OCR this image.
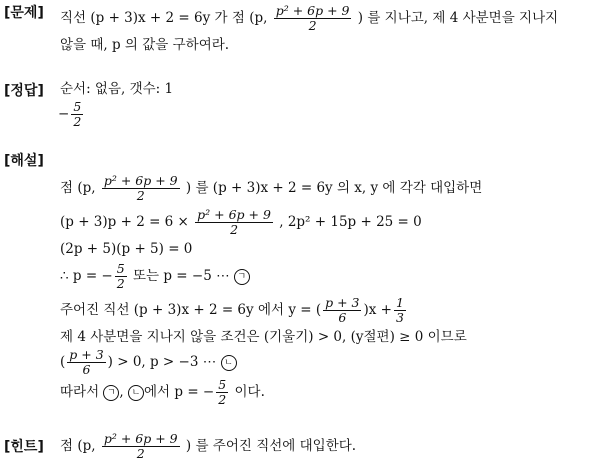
[문제] 직선 (p + 3)x + 2 = 6y 가 점 (p, $\frac{\text{p² + 6p + 9}}{2}$ ) 를 지나고, 제 4 사분면을 지나지
않을 때, p 의 값을 구하여라.
[정답] 순서: 없음, 갯수: 1
− $\frac{5}{2}$
[해설]
점 (p, $\frac{\text{p² + 6p + 9}}{2}$ ) 를 (p + 3)x + 2 = 6y 의 x, y 에 각각 대입하면
$(p + 3)p + 2 = 6 \times \frac{\text{p² + 6p + 9}}{2}$ , 2p² + 15p + 25 = 0
(2p + 5)(p + 5) = 0
∴ p = − $\frac{5}{2}$ 또는 p = −5 ⋯ ㄱ
주어진 직선 (p + 3)x + 2 = 6y 에서 y = ( $\frac{p + 3}{6} )x + \frac{1}{3}$
제 4 사분면을 지나지 않을 조건은 (기울기) > 0, (y절편) ≥ 0 이므로
( $\frac{p + 3}{6}$ ) > 0, p > −3 ⋯ ㄴ
따라서 ㄱ , ㄴ 에서 p = − $\frac{5}{2}$ 이다.
[힌트] 점 (p, $\frac{\text{p² + 6p + 9}}{2}$ ) 를 주어진 직선에 대입한다.
